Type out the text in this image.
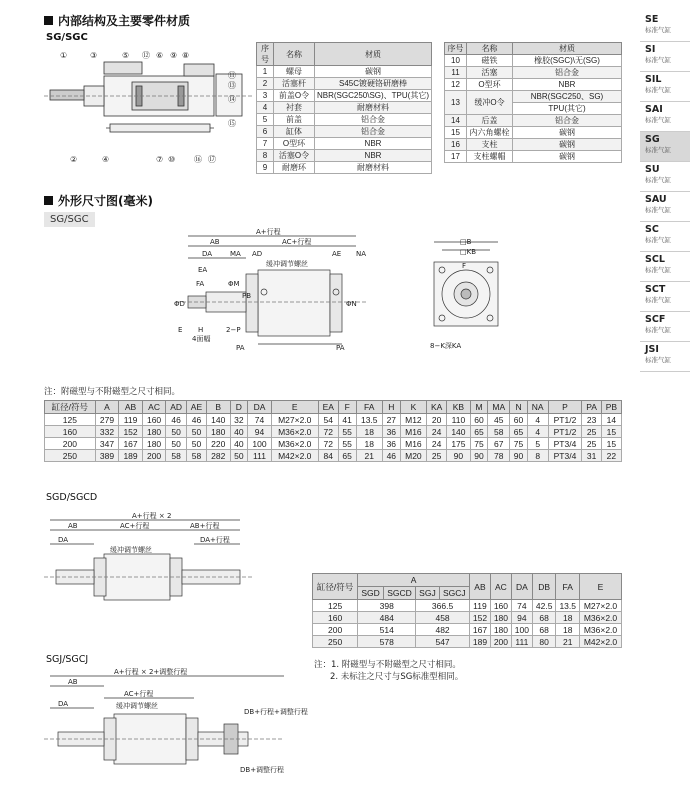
内部结构及主要零件材质
SG/SGC
①	③	⑤ ⑫ ⑥ ⑨ ⑧
⑪
⑬
⑭
⑮
②	④	⑦ ⑩ ⑯ ⑰
序号	名称	材质
1	螺母	碳钢
2	活塞杆	S45C镀硬铬研磨棒
3	前盖O令	NBR(SGC250\SG)、TPU(其它)
4	衬套	耐磨材料
5	前盖	铝合金
6	缸体	铝合金
7	O型环	NBR
8	活塞O令	NBR
9	耐磨环	耐磨材料
序号	名称	材质
10	磁铁	橡胶(SGC)\无(SG)
11	活塞	铝合金
12	O型环	NBR
13	缓冲O令	NBR(SGC250、SG)
		TPU(其它)
14	后盖	铝合金
15	内六角螺栓	碳钢
16	支柱	碳钢
17	支柱螺帽	碳钢
外形尺寸图(毫米)
SG/SGC
A+行程
AB	AC+行程
DA	MA AD	AE NA
缓冲调节螺丝
EA
FA	ΦM
ΦD
PB
ΦN
E H
4面幅
2−P
PA	PA
□B
□KB
F
8−K深KA
注：附磁型与不附磁型之尺寸相同。
缸径/符号	A	AB	AC	AD	AE	B	D	DA	E	EA	F	FA	H	K	KA	KB	M	MA	N	NA	P	PA	PB
125	279	119	160	46	46	140	32	74	M27×2.0	54	41	13.5	27	M12	20	110	60	45	60	4	PT1/2	23	14
160	332	152	180	50	50	180	40	94	M36×2.0	72	55	18	36	M16	24	140	65	58	65	4	PT1/2	25	15
200	347	167	180	50	50	220	40	100	M36×2.0	72	55	18	36	M16	24	175	75	67	75	5	PT3/4	25	15
250	389	189	200	58	58	282	50	111	M42×2.0	84	65	21	46	M20	25	90	90	78	90	8	PT3/4	31	22
SGD/SGCD
A+行程 × 2
AB	AC+行程	AB+行程
DA	DA+行程
缓冲调节螺丝
缸径/符号	A				AB	AC	DA	DB	FA	E
	SGD	SGCD	SGJ	SGCJ						
125	398		366.5		119	160	74	42.5	13.5	M27×2.0
160	484		458		152	180	94	68	18	M36×2.0
200	514		482		167	180	100	68	18	M36×2.0
250	578		547		189	200	111	80	21	M42×2.0
注：1. 附磁型与不附磁型之尺寸相同。
2. 未标注之尺寸与SG标准型相同。
SGJ/SGCJ
A+行程 × 2+调整行程
AB
AC+行程
DA	缓冲调节螺丝
DB+行程+调整行程
DB+调整行程
SE
标准气缸
SI
标准气缸
SIL
标准气缸
SAI
标准气缸
SG
标准气缸
SU
标准气缸
SAU
标准气缸
SC
标准气缸
SCL
标准气缸
SCT
标准气缸
SCF
标准气缸
JSI
标准气缸
